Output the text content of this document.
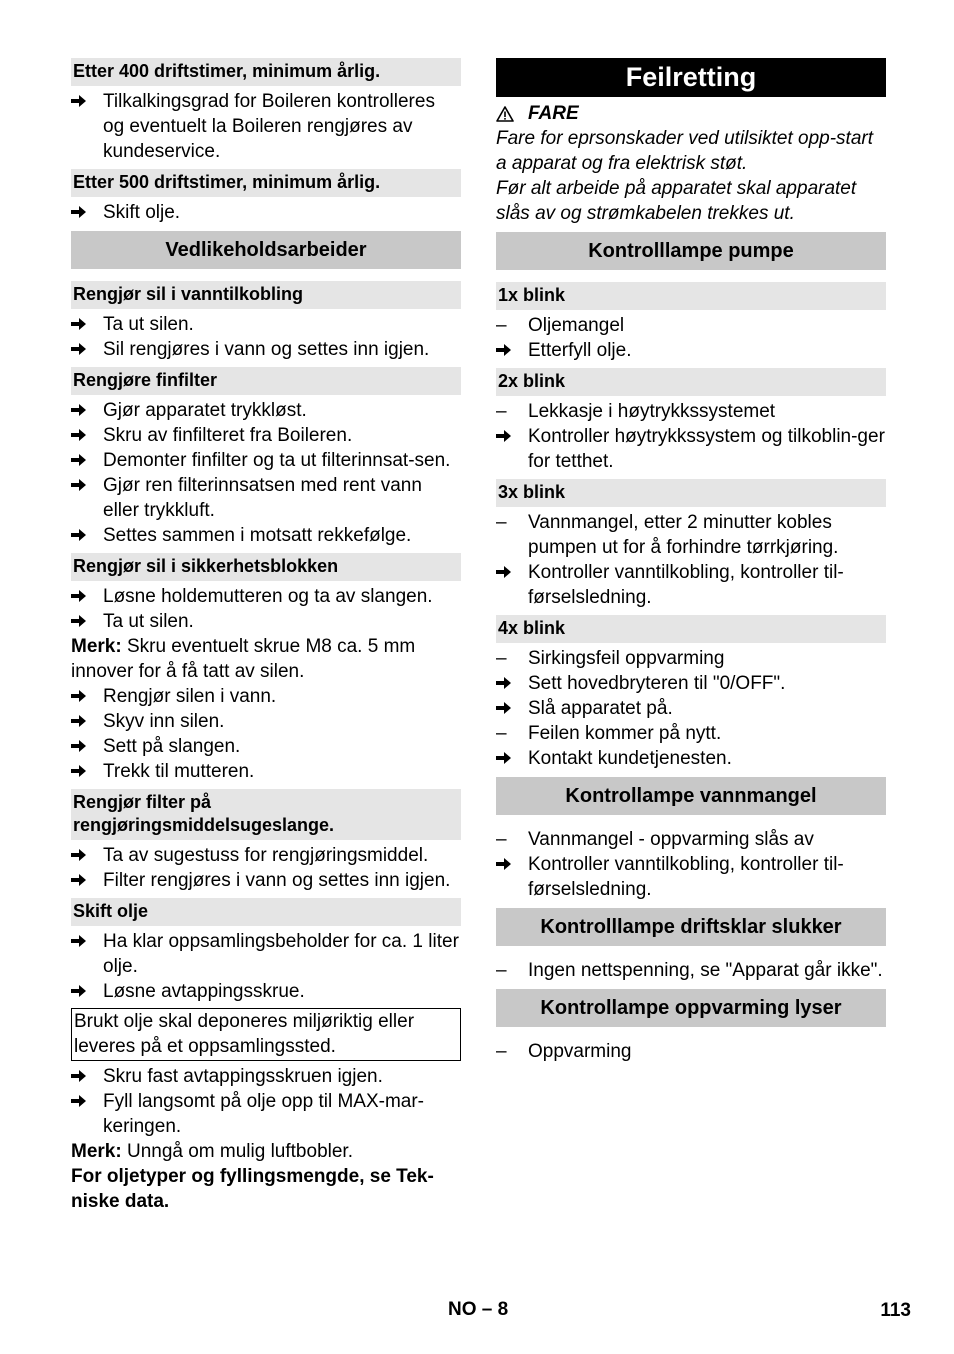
Etter 400 driftstimer, minimum årlig.
Tilkalkingsgrad for Boileren kontrolleres og eventuelt la Boileren rengjøres av kundeservice.
Etter 500 driftstimer, minimum årlig.
Skift olje.
Vedlikeholdsarbeider
Rengjør sil i vanntilkobling
Ta ut silen.
Sil rengjøres i vann og settes inn igjen.
Rengjøre finfilter
Gjør apparatet trykkløst.
Skru av finfilteret fra Boileren.
Demonter finfilter og ta ut filterinnsat-sen.
Gjør ren filterinnsatsen med rent vann eller trykkluft.
Settes sammen i motsatt rekkefølge.
Rengjør sil i sikkerhetsblokken
Løsne holdemutteren og ta av slangen.
Ta ut silen.

Merk: Skru eventuelt skrue M8 ca. 5 mm innover for å få tatt av silen.

Rengjør silen i vann.
Skyv inn silen.
Sett på slangen.
Trekk til mutteren.
Rengjør filter på rengjøringsmiddelsugeslange.
Ta av sugestuss for rengjøringsmiddel.
Filter rengjøres i vann og settes inn igjen.
Skift olje
Ha klar oppsamlingsbeholder for ca. 1 liter olje.
Løsne avtappingsskrue.
Brukt olje skal deponeres miljøriktig eller leveres på et oppsamlingssted.
Skru fast avtappingsskruen igjen.
Fyll langsomt på olje opp til MAX-mar-keringen.

Merk: Unngå om mulig luftbobler.

For oljetyper og fyllingsmengde, se Tek-niske data.

Feilretting
FARE

Fare for eprsonskader ved utilsiktet opp-start a apparat og fra elektrisk støt.

Før alt arbeide på apparatet skal apparatet slås av og strømkabelen trekkes ut.

Kontrolllampe pumpe
1x blink
–	Oljemangel
Etterfyll olje.
2x blink
–	Lekkasje i høytrykkssystemet
Kontroller høytrykkssystem og tilkoblin-ger for tetthet.
3x blink
–	Vannmangel, etter 2 minutter kobles pumpen ut for å forhindre tørrkjøring.
Kontroller vanntilkobling, kontroller til-førselsledning.
4x blink
–	Sirkingsfeil oppvarming
Sett hovedbryteren til "0/OFF".
Slå apparatet på.
–	Feilen kommer på nytt.
Kontakt kundetjenesten.
Kontrollampe vannmangel
–	Vannmangel - oppvarming slås av
Kontroller vanntilkobling, kontroller til-førselsledning.
Kontrolllampe driftsklar slukker
–	Ingen nettspenning, se "Apparat går ikke".
Kontrollampe oppvarming lyser
–	Oppvarming
NO – 8	113
